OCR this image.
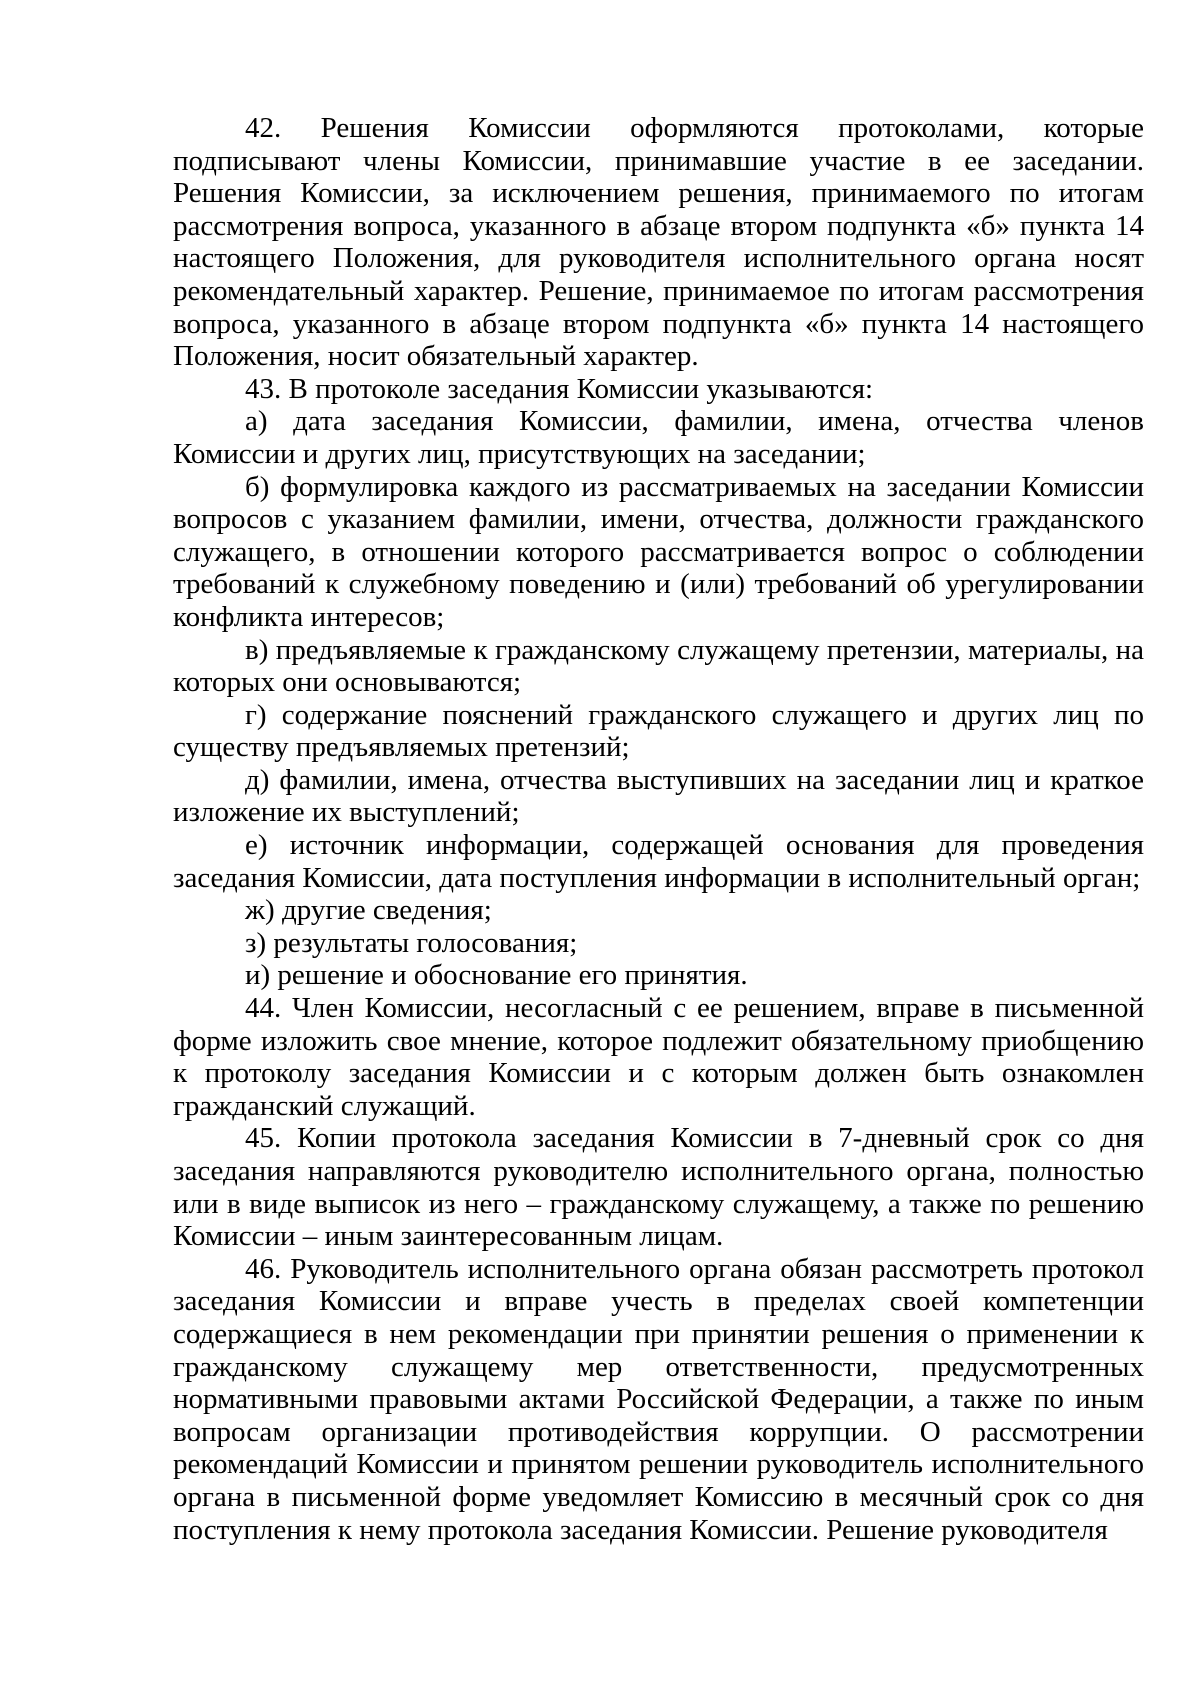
42. Решения Комиссии оформляются протоколами, которые подписывают члены Комиссии, принимавшие участие в ее заседании. Решения Комиссии, за исключением решения, принимаемого по итогам рассмотрения вопроса, указанного в абзаце втором подпункта «б» пункта 14 настоящего Положения, для руководителя исполнительного органа носят рекомендательный характер. Решение, принимаемое по итогам рассмотрения вопроса, указанного в абзаце втором подпункта «б» пункта 14 настоящего Положения, носит обязательный характер.

43. В протоколе заседания Комиссии указываются:

а) дата заседания Комиссии, фамилии, имена, отчества членов Комиссии и других лиц, присутствующих на заседании;

б) формулировка каждого из рассматриваемых на заседании Комиссии вопросов с указанием фамилии, имени, отчества, должности гражданского служащего, в отношении которого рассматривается вопрос о соблюдении требований к служебному поведению и (или) требований об урегулировании конфликта интересов;

в) предъявляемые к гражданскому служащему претензии, материалы, на которых они основываются;

г) содержание пояснений гражданского служащего и других лиц по существу предъявляемых претензий;

д) фамилии, имена, отчества выступивших на заседании лиц и краткое изложение их выступлений;

е) источник информации, содержащей основания для проведения заседания Комиссии, дата поступления информации в исполнительный орган;

ж) другие сведения;

з) результаты голосования;

и) решение и обоснование его принятия.

44. Член Комиссии, несогласный с ее решением, вправе в письменной форме изложить свое мнение, которое подлежит обязательному приобщению к протоколу заседания Комиссии и с которым должен быть ознакомлен гражданский служащий.

45. Копии протокола заседания Комиссии в 7-дневный срок со дня заседания направляются руководителю исполнительного органа, полностью или в виде выписок из него – гражданскому служащему, а также по решению Комиссии – иным заинтересованным лицам.

46. Руководитель исполнительного органа обязан рассмотреть протокол заседания Комиссии и вправе учесть в пределах своей компетенции содержащиеся в нем рекомендации при принятии решения о применении к гражданскому служащему мер ответственности, предусмотренных нормативными правовыми актами Российской Федерации, а также по иным вопросам организации противодействия коррупции. О рассмотрении рекомендаций Комиссии и принятом решении руководитель исполнительного органа в письменной форме уведомляет Комиссию в месячный срок со дня поступления к нему протокола заседания Комиссии. Решение руководителя
